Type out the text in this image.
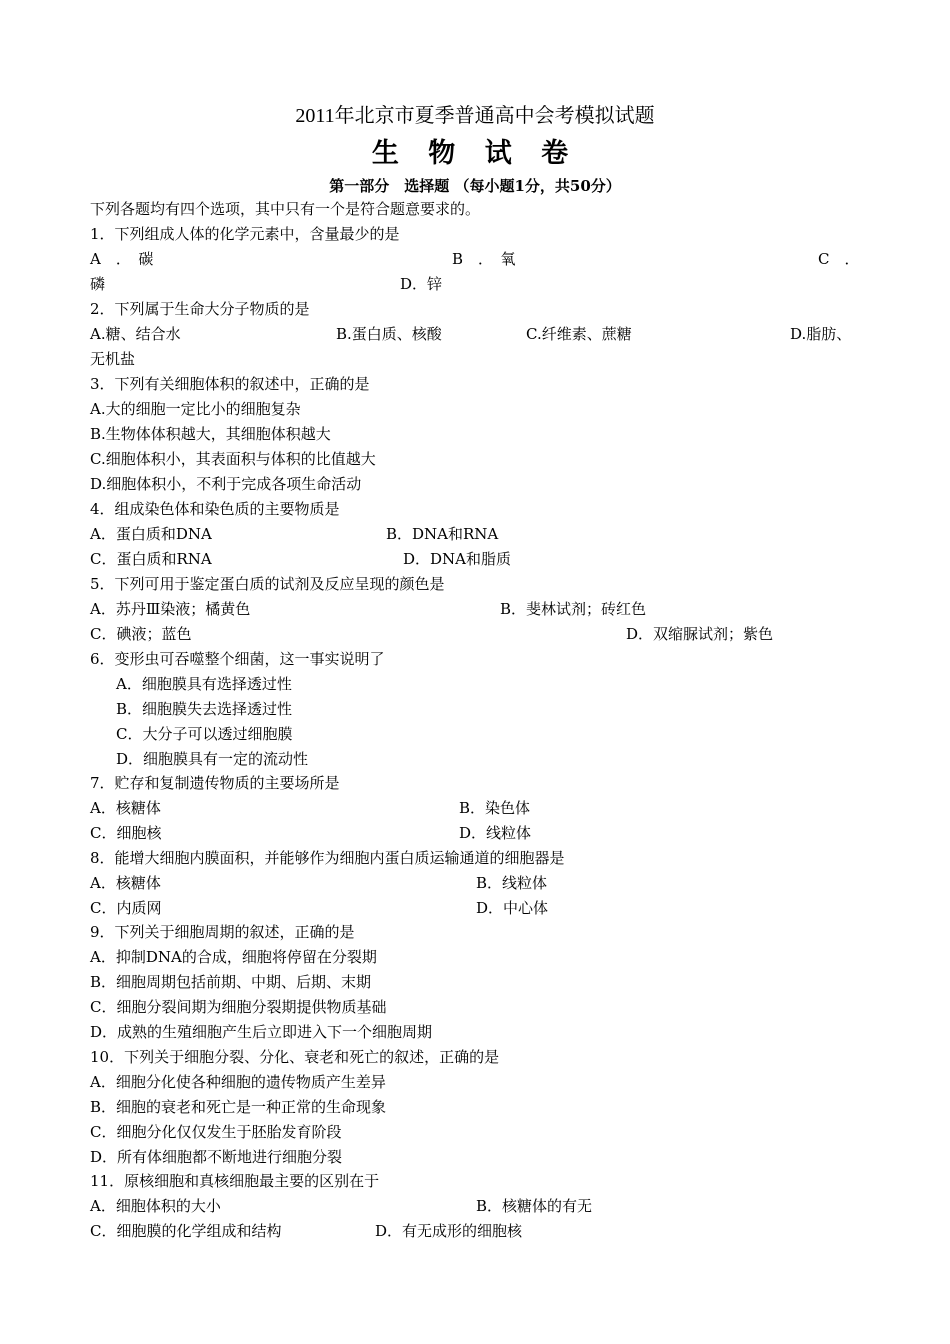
2011年北京市夏季普通高中会考模拟试题
生 物 试 卷
第一部分　选择题 （每小题1分，共50分）
下列各题均有四个选项，其中只有一个是符合题意要求的。
1．下列组成人体的化学元素中，含量最少的是
A　．　碳	B　．　氧	C　．
磷	D．锌
2．下列属于生命大分子物质的是
A.糖、结合水	B.蛋白质、核酸	C.纤维素、蔗糖	D.脂肪、
无机盐
3．下列有关细胞体积的叙述中，正确的是
A.大的细胞一定比小的细胞复杂
B.生物体体积越大，其细胞体积越大
C.细胞体积小，其表面积与体积的比值越大
D.细胞体积小，不利于完成各项生命活动
4．组成染色体和染色质的主要物质是
A．蛋白质和DNA	B．DNA和RNA
C．蛋白质和RNA	D．DNA和脂质
5．下列可用于鉴定蛋白质的试剂及反应呈现的颜色是
A．苏丹Ⅲ染液；橘黄色	B．斐林试剂；砖红色
C．碘液；蓝色	D．双缩脲试剂；紫色
6．变形虫可吞噬整个细菌，这一事实说明了
A．细胞膜具有选择透过性
B．细胞膜失去选择透过性
C．大分子可以透过细胞膜
D．细胞膜具有一定的流动性
7．贮存和复制遗传物质的主要场所是
A．核糖体	B．染色体
C．细胞核	D．线粒体
8．能增大细胞内膜面积，并能够作为细胞内蛋白质运输通道的细胞器是
A．核糖体	B．线粒体
C．内质网	D．中心体
9．下列关于细胞周期的叙述，正确的是
A．抑制DNA的合成，细胞将停留在分裂期
B．细胞周期包括前期、中期、后期、末期
C．细胞分裂间期为细胞分裂期提供物质基础
D．成熟的生殖细胞产生后立即进入下一个细胞周期
10．下列关于细胞分裂、分化、衰老和死亡的叙述，正确的是
A．细胞分化使各种细胞的遗传物质产生差异
B．细胞的衰老和死亡是一种正常的生命现象
C．细胞分化仅仅发生于胚胎发育阶段
D．所有体细胞都不断地进行细胞分裂
11．原核细胞和真核细胞最主要的区别在于
A．细胞体积的大小	B．核糖体的有无
C．细胞膜的化学组成和结构	D．有无成形的细胞核
